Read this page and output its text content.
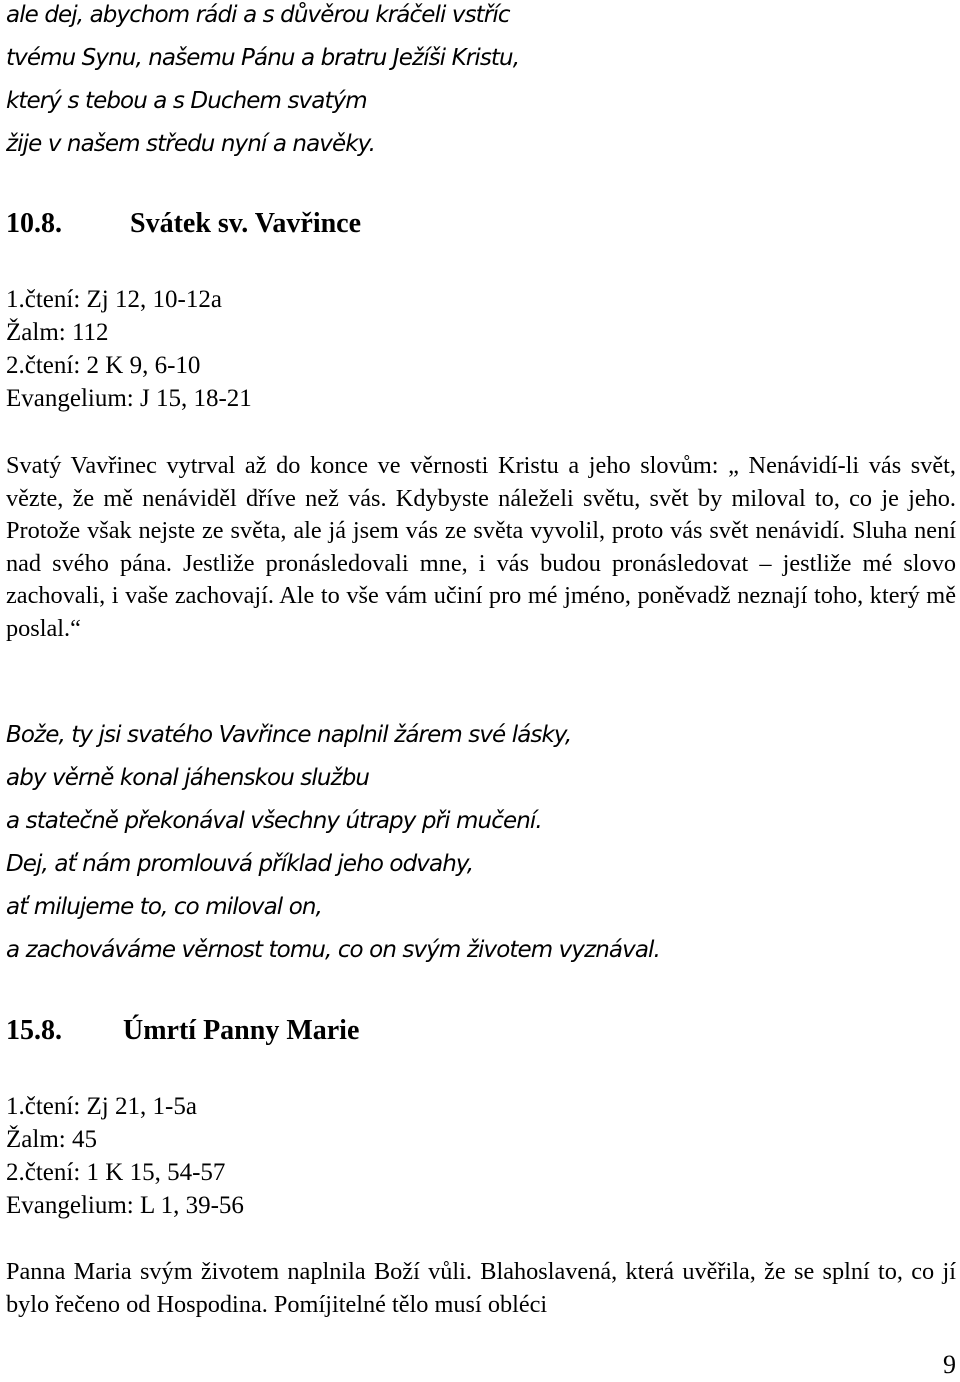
ale dej, abychom rádi a s důvěrou kráčeli vstříc

tvému Synu, našemu Pánu a bratru Ježíši Kristu,

který s tebou a s Duchem svatým

žije v našem středu nyní a navěky.

10.8. Svátek sv. Vavřince
1.čtení: Zj 12, 10-12a
Žalm: 112
2.čtení: 2 K 9, 6-10
Evangelium: J 15, 18-21

Svatý Vavřinec vytrval až do konce ve věrnosti Kristu a jeho slovům: „ Nenávidí-li vás svět, vězte, že mě nenáviděl dříve než vás. Kdybyste náleželi světu, svět by miloval to, co je jeho. Protože však nejste ze světa, ale já jsem vás ze světa vyvolil, proto vás svět nenávidí. Sluha není nad svého pána. Jestliže pronásledovali mne, i vás budou pronásledovat – jestliže mé slovo zachovali, i vaše zachovají. Ale to vše vám učiní pro mé jméno, poněvadž neznají toho, který mě poslal.“

Bože, ty jsi svatého Vavřince naplnil žárem své lásky,

aby věrně konal jáhenskou službu

a statečně překonával všechny útrapy při mučení.

Dej, ať nám promlouvá příklad jeho odvahy,

ať milujeme to, co miloval on,

a zachováváme věrnost tomu, co on svým životem vyznával.

15.8. Úmrtí Panny Marie
1.čtení: Zj 21, 1-5a
Žalm: 45
2.čtení: 1 K 15, 54-57
Evangelium: L 1, 39-56

Panna Maria svým životem naplnila Boží vůli. Blahoslavená, která uvěřila, že se splní to, co jí bylo řečeno od Hospodina. Pomíjitelné tělo musí obléci

9
